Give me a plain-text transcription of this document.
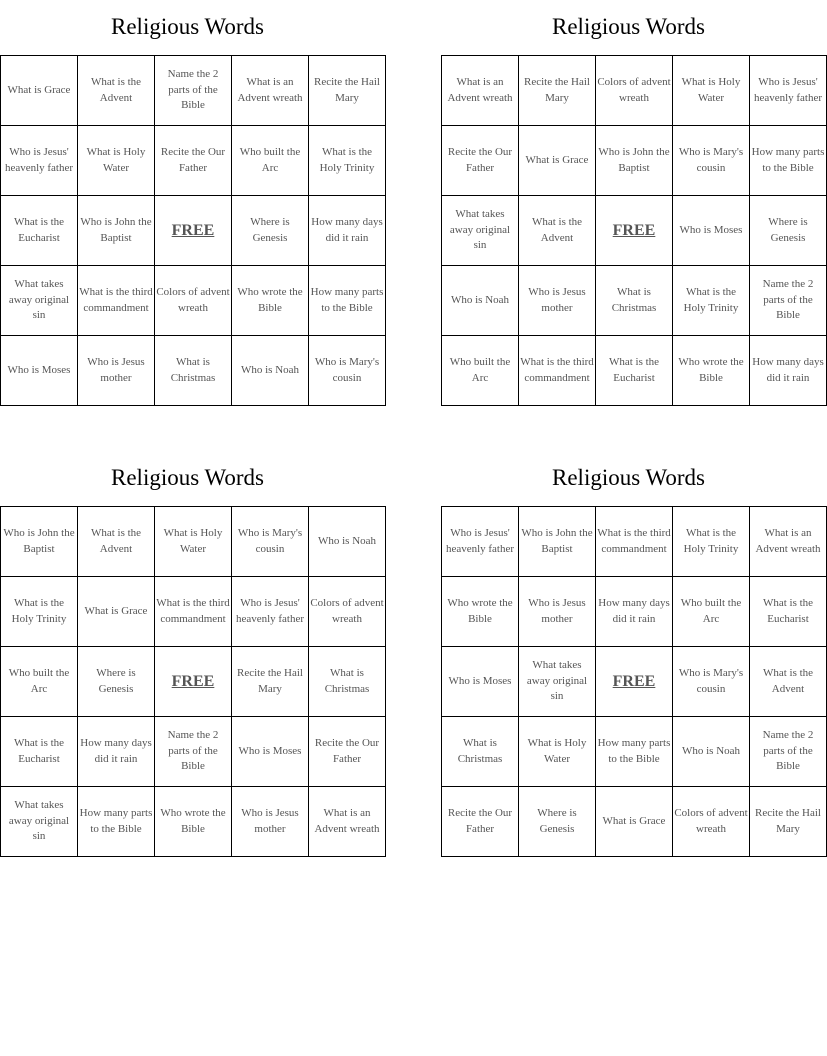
Religious Words
What is Grace	What is the Advent	Name the 2 parts of the Bible	What is an Advent wreath	Recite the Hail Mary
Who is Jesus' heavenly father	What is Holy Water	Recite the Our Father	Who built the Arc	What is the Holy Trinity
What is the Eucharist	Who is John the Baptist	FREE	Where is Genesis	How many days did it rain
What takes away original sin	What is the third commandment	Colors of advent wreath	Who wrote the Bible	How many parts to the Bible
Who is Moses	Who is Jesus mother	What is Christmas	Who is Noah	Who is Mary's cousin
Religious Words
What is an Advent wreath	Recite the Hail Mary	Colors of advent wreath	What is Holy Water	Who is Jesus' heavenly father
Recite the Our Father	What is Grace	Who is John the Baptist	Who is Mary's cousin	How many parts to the Bible
What takes away original sin	What is the Advent	FREE	Who is Moses	Where is Genesis
Who is Noah	Who is Jesus mother	What is Christmas	What is the Holy Trinity	Name the 2 parts of the Bible
Who built the Arc	What is the third commandment	What is the Eucharist	Who wrote the Bible	How many days did it rain
Religious Words
Who is John the Baptist	What is the Advent	What is Holy Water	Who is Mary's cousin	Who is Noah
What is the Holy Trinity	What is Grace	What is the third commandment	Who is Jesus' heavenly father	Colors of advent wreath
Who built the Arc	Where is Genesis	FREE	Recite the Hail Mary	What is Christmas
What is the Eucharist	How many days did it rain	Name the 2 parts of the Bible	Who is Moses	Recite the Our Father
What takes away original sin	How many parts to the Bible	Who wrote the Bible	Who is Jesus mother	What is an Advent wreath
Religious Words
Who is Jesus' heavenly father	Who is John the Baptist	What is the third commandment	What is the Holy Trinity	What is an Advent wreath
Who wrote the Bible	Who is Jesus mother	How many days did it rain	Who built the Arc	What is the Eucharist
Who is Moses	What takes away original sin	FREE	Who is Mary's cousin	What is the Advent
What is Christmas	What is Holy Water	How many parts to the Bible	Who is Noah	Name the 2 parts of the Bible
Recite the Our Father	Where is Genesis	What is Grace	Colors of advent wreath	Recite the Hail Mary
